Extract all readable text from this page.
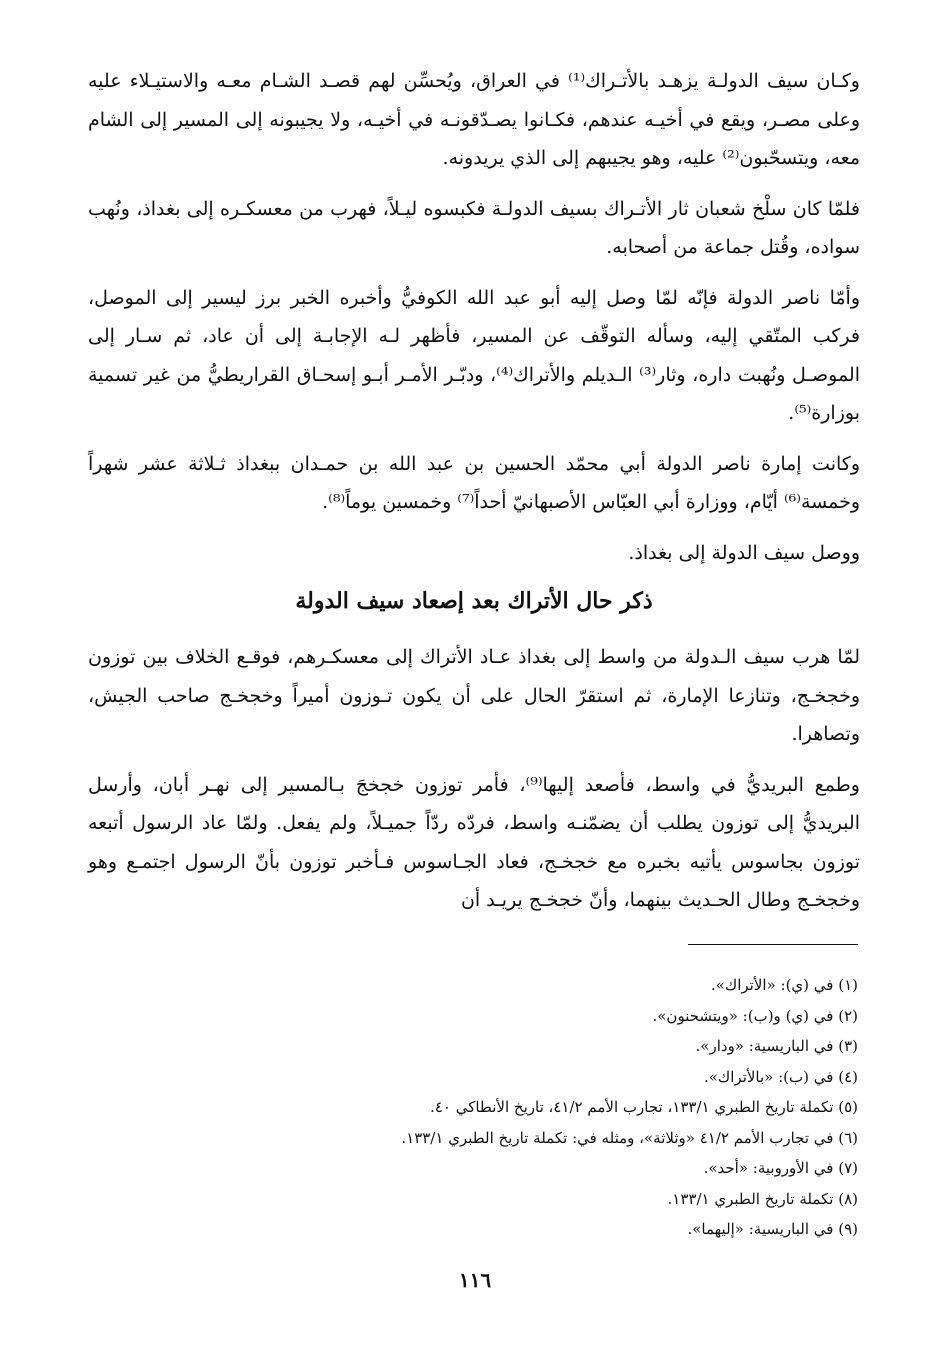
وكـان سيف الدولـة يزهـد بالأتـراك⁽¹⁾ في العراق، ويُحسِّن لهم قصـد الشـام معـه والاستيـلاء عليه وعلى مصـر، ويقع في أخيـه عندهم، فكـانوا يصـدّقونـه في أخيـه، ولا يجيبونه إلى المسير إلى الشام معه، ويتسحّبون⁽²⁾ عليه، وهو يجيبهم إلى الذي يريدونه.

فلمّا كان سلْخ شعبان ثار الأتـراك بسيف الدولـة فكبسوه ليـلاً، فهرب من معسكـره إلى بغداذ، ونُهب سواده، وقُتل جماعة من أصحابه.

وأمّا ناصر الدولة فإنّه لمّا وصل إليه أبو عبد الله الكوفيُّ وأخبره الخبر برز ليسير إلى الموصل، فركب المتّقي إليه، وسأله التوقّف عن المسير، فأظهر لـه الإجابـة إلى أن عاد، ثم سـار إلى الموصـل ونُهبت داره، وثار⁽³⁾ الـديلم والأتراك⁽⁴⁾، ودبّـر الأمـر أبـو إسحـاق القراريطيُّ من غير تسمية بوزارة⁽⁵⁾.

وكانت إمارة ناصر الدولة أبي محمّد الحسين بن عبد الله بن حمـدان ببغداذ ثـلاثة عشر شهراً وخمسة⁽⁶⁾ أيّام، ووزارة أبي العبّاس الأصبهانيّ أحداً⁽⁷⁾ وخمسين يوماً⁽⁸⁾.

ووصل سيف الدولة إلى بغداذ.

ذكر حال الأتراك بعد إصعاد سيف الدولة

لمّا هرب سيف الـدولة من واسط إلى بغداذ عـاد الأتراك إلى معسكـرهم، فوقـع الخلاف بين توزون وخجخـج، وتنازعا الإمارة، ثم استقرّ الحال على أن يكون تـوزون أميراً وخجخـج صاحب الجيش، وتصاهرا.

وطمع البريديُّ في واسط، فأصعد إليها⁽⁹⁾، فأمر توزون خجخجَ بـالمسير إلى نهـر أبان، وأرسل البريديُّ إلى توزون يطلب أن يضمّنـه واسط، فردّه ردّاً جميـلاً، ولم يفعل. ولمّا عاد الرسول أتبعه توزون بجاسوس يأتيه بخبره مع خجخـج، فعاد الجـاسوس فـأخبر توزون بأنّ الرسول اجتمـع وهو وخجخـج وطال الحـديث بينهما، وأنّ خجخـج يريـد أن

(١) في (ي): «الأتراك».
(٢) في (ي) و(ب): «ويتشحنون».
(٣) في الباريسية: «ودار».
(٤) في (ب): «بالأتراك».
(٥) تكملة تاريخ الطبري ١٣٣/١، تجارب الأمم ٤١/٢، تاريخ الأنطاكي ٤٠.
(٦) في تجارب الأمم ٤١/٢ «وثلاثة»، ومثله في: تكملة تاريخ الطبري ١٣٣/١.
(٧) في الأوروبية: «أحد».
(٨) تكملة تاريخ الطبري ١٣٣/١.
(٩) في الباريسية: «إليهما».
١١٦
